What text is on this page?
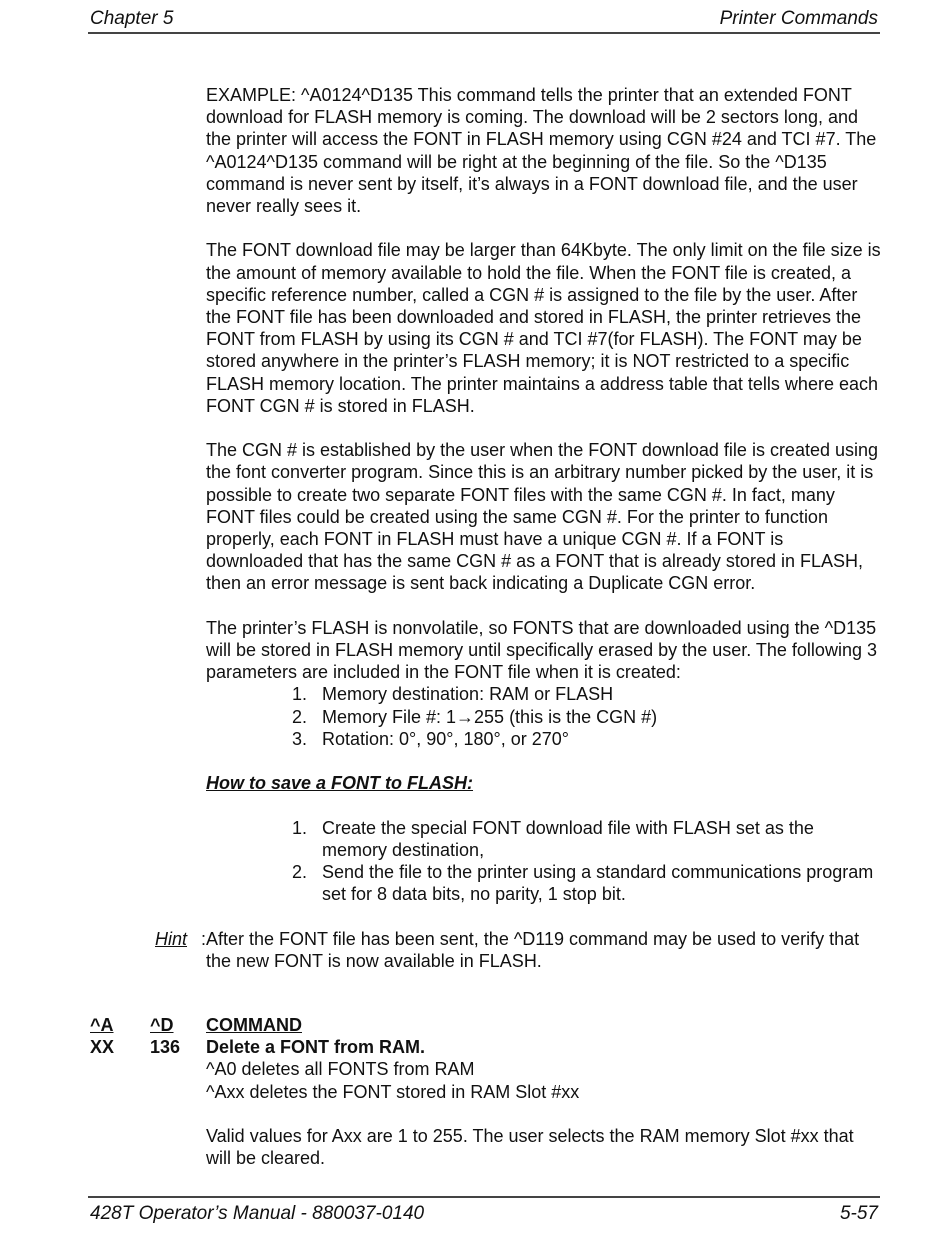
Chapter 5	Printer Commands

EXAMPLE: ^A0124^D135 This command tells the printer that an extended FONT download for FLASH memory is coming. The download will be 2 sectors long, and the printer will access the FONT in FLASH memory using CGN #24 and TCI #7. The ^A0124^D135 command will be right at the beginning of the file. So the ^D135 command is never sent by itself, it’s always in a FONT download file, and the user never really sees it.

The FONT download file may be larger than 64Kbyte. The only limit on the file size is the amount of memory available to hold the file. When the FONT file is created, a specific reference number, called a CGN # is assigned to the file by the user. After the FONT file has been downloaded and stored in FLASH, the printer retrieves the FONT from FLASH by using its CGN # and TCI #7(for FLASH). The FONT may be stored anywhere in the printer’s FLASH memory; it is NOT restricted to a specific FLASH memory location. The printer maintains a address table that tells where each FONT CGN # is stored in FLASH.

The CGN # is established by the user when the FONT download file is created using the font converter program. Since this is an arbitrary number picked by the user, it is possible to create two separate FONT files with the same CGN #. In fact, many FONT files could be created using the same CGN #. For the printer to function properly, each FONT in FLASH must have a unique CGN #. If a FONT is downloaded that has the same CGN # as a FONT that is already stored in FLASH, then an error message is sent back indicating a Duplicate CGN error.

The printer’s FLASH is nonvolatile, so FONTS that are downloaded using the ^D135 will be stored in FLASH memory until specifically erased by the user. The following 3 parameters are included in the FONT file when it is created:

1. Memory destination: RAM or FLASH
2. Memory File #: 1→255 (this is the CGN #)
3. Rotation: 0°, 90°, 180°, or 270°

How to save a FONT to FLASH:

1. Create the special FONT download file with FLASH set as the memory destination,
2. Send the file to the printer using a standard communications program set for 8 data bits, no parity, 1 stop bit.
Hint : After the FONT file has been sent, the ^D119 command may be used to verify that the new FONT is now available in FLASH.
^A ^D COMMAND
XX 136 Delete a FONT from RAM.

^A0 deletes all FONTS from RAM

^Axx deletes the FONT stored in RAM Slot #xx

Valid values for Axx are 1 to 255. The user selects the RAM memory Slot #xx that will be cleared.

428T Operator’s Manual - 880037-0140	5-57
